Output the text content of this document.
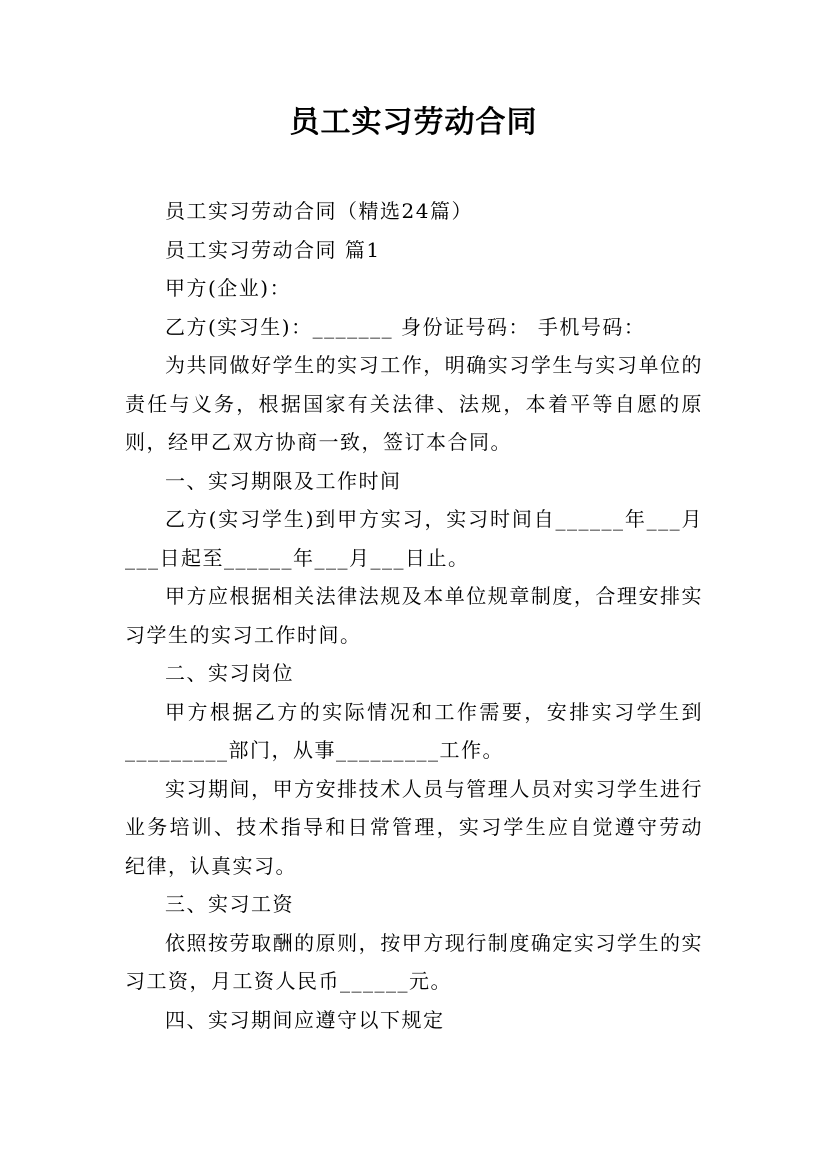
员工实习劳动合同

员工实习劳动合同（精选24篇）

员工实习劳动合同 篇1

甲方(企业)：

乙方(实习生)：_______ 身份证号码： 手机号码：

为共同做好学生的实习工作，明确实习学生与实习单位的责任与义务，根据国家有关法律、法规，本着平等自愿的原则，经甲乙双方协商一致，签订本合同。

一、实习期限及工作时间

乙方(实习学生)到甲方实习，实习时间自______年___月___日起至______年___月___日止。

甲方应根据相关法律法规及本单位规章制度，合理安排实习学生的实习工作时间。

二、实习岗位

甲方根据乙方的实际情况和工作需要，安排实习学生到_________部门，从事_________工作。

实习期间，甲方安排技术人员与管理人员对实习学生进行业务培训、技术指导和日常管理，实习学生应自觉遵守劳动纪律，认真实习。

三、实习工资

依照按劳取酬的原则，按甲方现行制度确定实习学生的实习工资，月工资人民币______元。

四、实习期间应遵守以下规定
